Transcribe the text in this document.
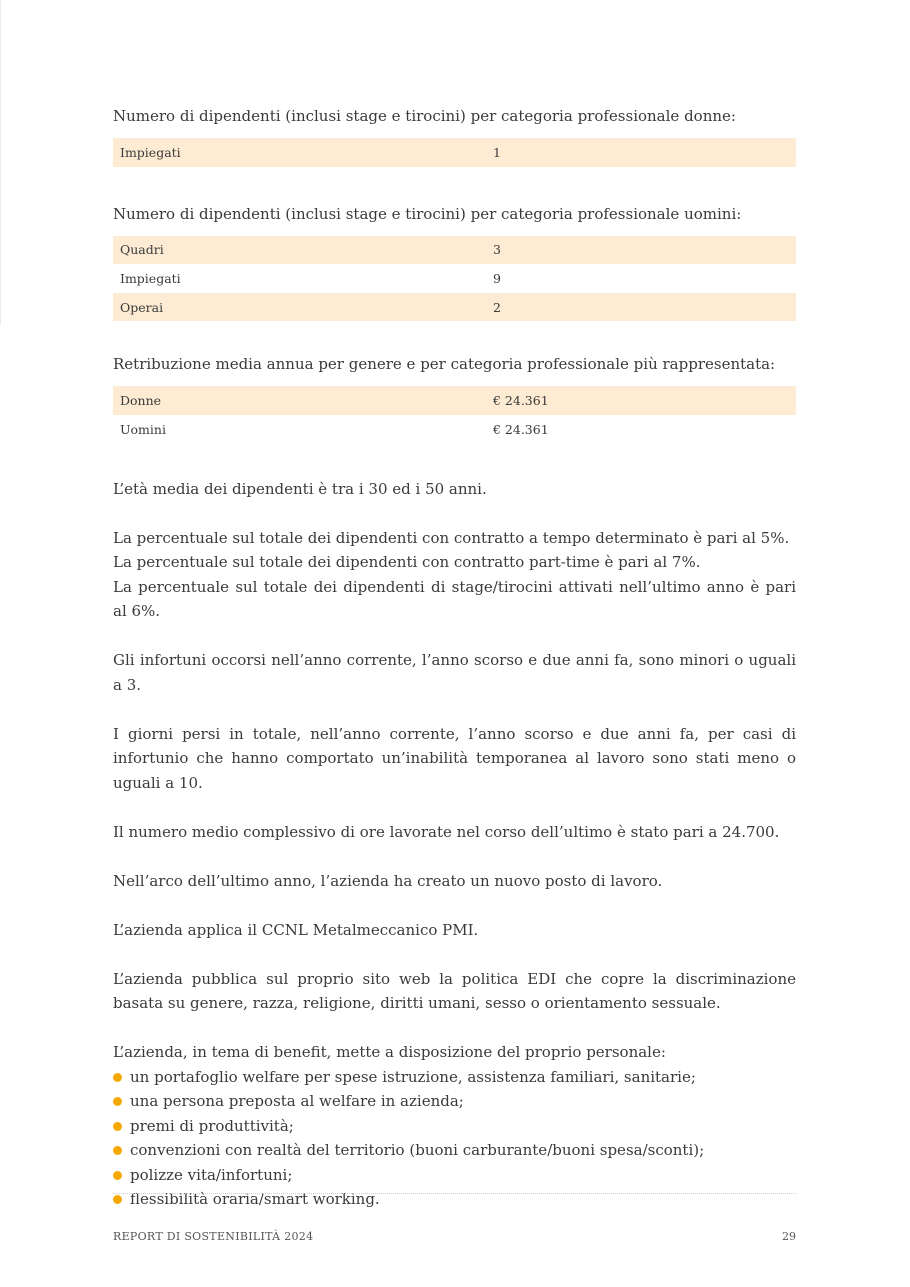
Numero di dipendenti (inclusi stage e tirocini) per categoria professionale donne:
Impiegati	1
Numero di dipendenti (inclusi stage e tirocini) per categoria professionale uomini:
Quadri	3
Impiegati	9
Operai	2
Retribuzione media annua per genere e per categoria professionale più rappresentata:
Donne	€ 24.361
Uomini	€ 24.361

L’età media dei dipendenti è tra i 30 ed i 50 anni.

La percentuale sul totale dei dipendenti con contratto a tempo determinato è pari al 5%.
La percentuale sul totale dei dipendenti con contratto part-time è pari al 7%.
La percentuale sul totale dei dipendenti di stage/tirocini attivati nell’ultimo anno è pari al 6%.

Gli infortuni occorsi nell’anno corrente, l’anno scorso e due anni fa, sono minori o uguali a 3.

I giorni persi in totale, nell’anno corrente, l’anno scorso e due anni fa, per casi di infortunio che hanno comportato un’inabilità temporanea al lavoro sono stati meno o uguali a 10.

Il numero medio complessivo di ore lavorate nel corso dell’ultimo è stato pari a 24.700.

Nell’arco dell’ultimo anno, l’azienda ha creato un nuovo posto di lavoro.

L’azienda applica il CCNL Metalmeccanico PMI.

L’azienda pubblica sul proprio sito web la politica EDI che copre la discriminazione basata su genere, razza, religione, diritti umani, sesso o orientamento sessuale.

L’azienda, in tema di benefit, mette a disposizione del proprio personale:

un portafoglio welfare per spese istruzione, assistenza familiari, sanitarie;
una persona preposta al welfare in azienda;
premi di produttività;
convenzioni con realtà del territorio (buoni carburante/buoni spesa/sconti);
polizze vita/infortuni;
flessibilità oraria/smart working.
REPORT DI SOSTENIBILITÀ 2024	29
